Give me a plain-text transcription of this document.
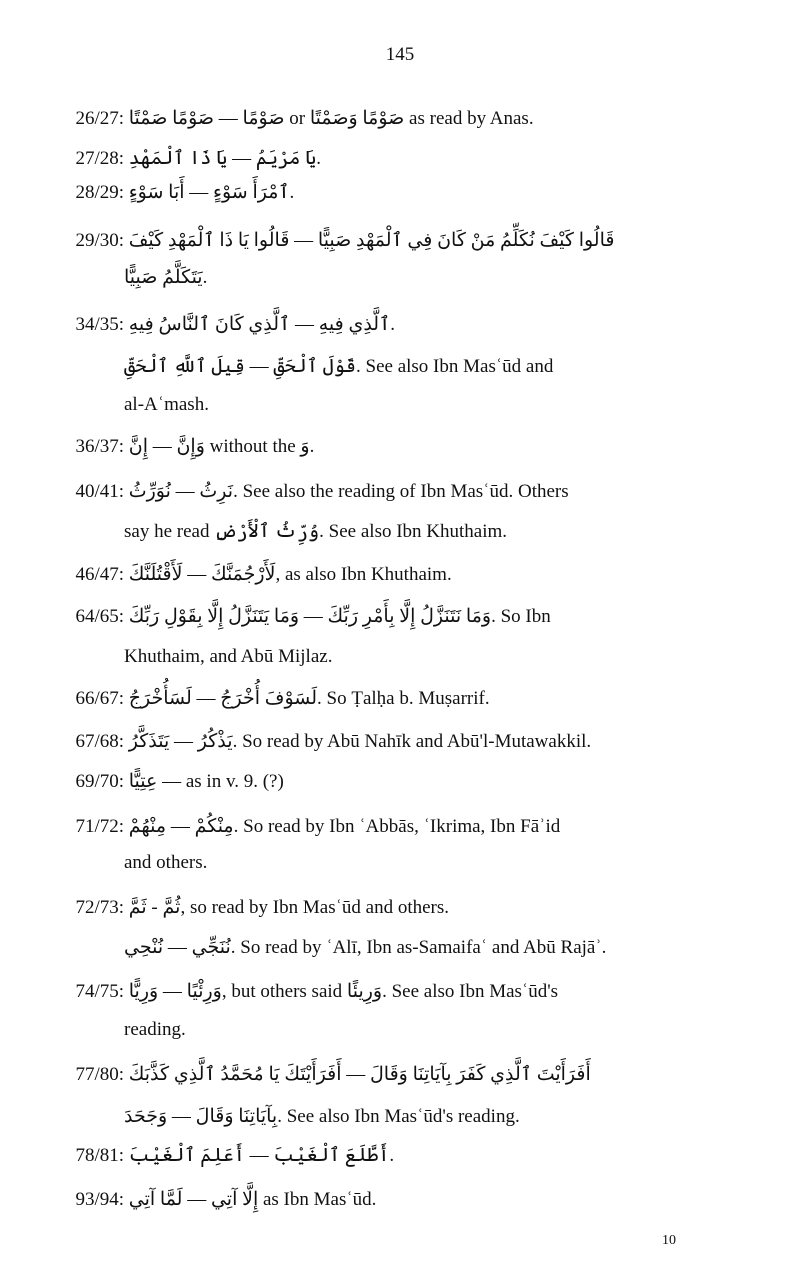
145
26/27: صَوْمًا — صَوْمًا صَمْتًا or صَوْمًا وَصَمْتًا as read by Anas.
27/28: يَا مَرْيَمُ — يَا ذَا ٱلْمَهْدِ.
28/29: ٱمْرَأَ سَوْءٍ — أَبَا سَوْءٍ.
29/30: قَالُوا كَيْفَ نُكَلِّمُ مَنْ كَانَ فِي ٱلْمَهْدِ صَبِيًّا — قَالُوا يَا ذَا ٱلْمَهْدِ كَيْفَ
يَتَكَلَّمُ صَبِيًّا.
34/35: ٱلَّذِي فِيهِ — ٱلَّذِي كَانَ ٱلنَّاسُ فِيهِ.
قَوْلَ ٱلْحَقِّ — قِيلَ ٱللَّهِ ٱلْحَقِّ. See also Ibn Masʿūd and
al-Aʿmash.
36/37: وَإِنَّ — إِنَّ without the وَ.
40/41: نَرِثُ — نُوَرِّثُ. See also the reading of Ibn Masʿūd. Others
say he read وُرِّثُ ٱلْأَرْضِ. See also Ibn Khuthaim.
46/47: لَأَرْجُمَنَّكَ — لَأَقْتُلَنَّكَ, as also Ibn Khuthaim.
64/65: وَمَا نَتَنَزَّلُ إِلَّا بِأَمْرِ رَبِّكَ — وَمَا يَتَنَزَّلُ إِلَّا بِقَوْلِ رَبِّكَ. So Ibn
Khuthaim, and Abū Mijlaz.
66/67: لَسَوْفَ أُخْرَجُ — لَسَأُخْرَجُ. So Ṭalḥa b. Muṣarrif.
67/68: يَذْكُرُ — يَتَذَكَّرُ. So read by Abū Nahīk and Abū'l-Mutawakkil.
69/70: عِتِيًّا — as in v. 9. (?)
71/72: مِنْكُمْ — مِنْهُمْ. So read by Ibn ʿAbbās, ʿIkrima, Ibn Fāʾid
and others.
72/73: ثُمَّ - ثَمَّ, so read by Ibn Masʿūd and others.
نُنَجِّي — نُنْحِي. So read by ʿAlī, Ibn as-Samaifaʿ and Abū Rajāʾ.
74/75: وَرِئْيًا — وَرِيًّا, but others said وَرِيئًا. See also Ibn Masʿūd's
reading.
77/80: أَفَرَأَيْتَ ٱلَّذِي كَفَرَ بِآيَاتِنَا وَقَالَ — أَفَرَأَيْتَكَ يَا مُحَمَّدُ ٱلَّذِي كَذَّبَكَ
بِآيَاتِنَا وَقَالَ — وَجَحَدَ. See also Ibn Masʿūd's reading.
78/81: أَطَّلَعَ ٱلْغَيْبَ — أَعَلِمَ ٱلْغَيْبَ.
93/94: إِلَّا آتِي — لَمَّا آتِي as Ibn Masʿūd.
10
